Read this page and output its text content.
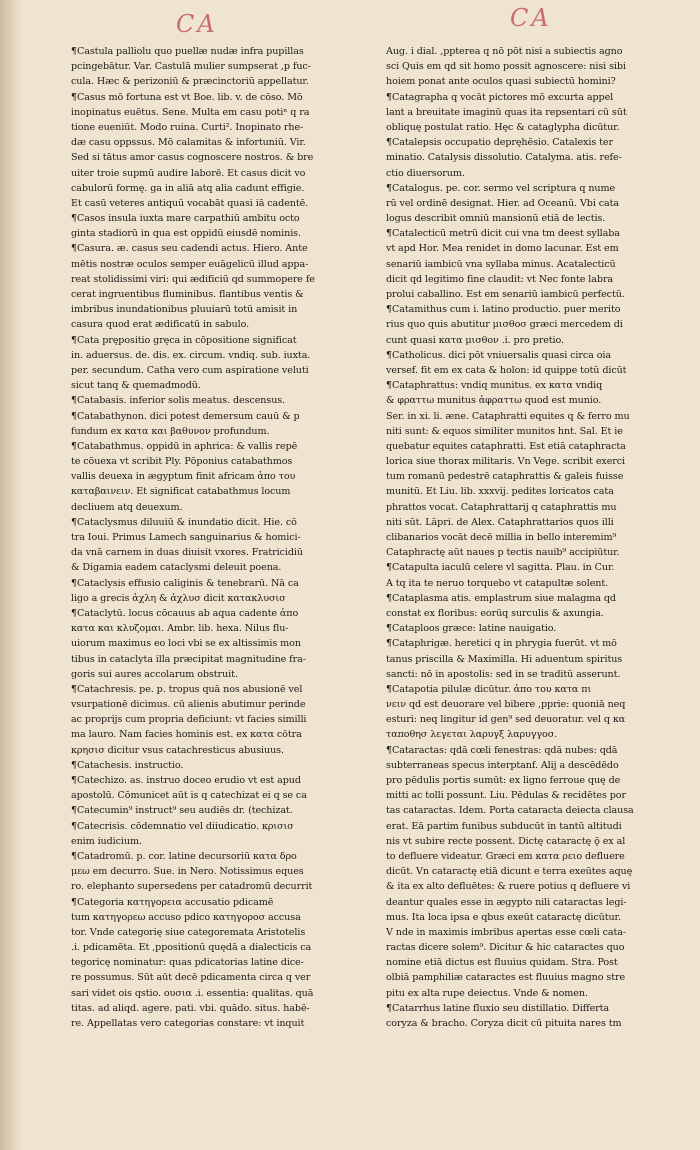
CA	CA
¶Castula palliolu quo puellæ nudæ infra pupillas
pcingebātur. Var. Castulā mulier sumpserat ,p fuc-
cula. Hæc & perizoniū & præcinctoriū appellatur.
¶Casus mō fortuna est vt Boe. lib. v. de cōso. Mō
inopinatus euētus. Sene. Multa em casu potiⁿ q ra
tione eueniūt. Modo ruina. Curti². Inopinato rhe-
dæ casu oppssus. Mō calamitas & infortuniū. Vir.
Sed si tātus amor casus cognoscere nostros. & bre
uiter troie supmū audire laborē. Et casus dicit vo
cabulorū formę. ga in aliā atq alia cadunt effigie.
Et casū veteres antiquū vocabāt quasi iā cadentē.
¶Casos insula iuxta mare carpathiū ambitu octo
ginta stadiorū in qua est oppidū eiusdē nominis.
¶Casura. æ. casus seu cadendi actus. Hiero. Ante
mētis nostræ oculos semper euāgelicū illud appa-
reat stolidissimi viri: qui ædificiū qd summopere fe
cerat ingruentibus fluminibus. flantibus ventis &
imbribus inundationibus pluuiarū totū amisit in
casura quod erat ædificatū in sabulo.
¶Cata prępositio gręca in cōpositione significat
in. aduersus. de. dis. ex. circum. vndiq. sub. iuxta.
per. secundum. Catha vero cum aspiratione veluti
sicut tanq & quemadmodū.
¶Catabasis. inferior solis meatus. descensus.
¶Catabathynon. dici potest demersum cauū & p
fundum ex κατα και βαθυνον profundum.
¶Catabathmus. oppidū in aphrica: & vallis repē
te cōuexa vt scribit Ply. Pōponius catabathmos
vallis deuexa in ægyptum finit africam ἀπο του
καταβαινειν. Et significat catabathmus locum
decliuem atq deuexum.
¶Cataclysmus diluuiū & inundatio dicit. Hie. cō
tra Ioui. Primus Lamech sanguinarius & homici-
da vnā carnem in duas diuisit vxores. Fratricidiū
& Digamia eadem cataclysmi deleuit poena.
¶Cataclysis effusio caliginis & tenebrarū. Nā ca
ligo a grecis ἀχλη & ἀχλυσ dicit κατακλυσισ
¶Cataclytū. locus cōcauus ab aqua cadente ἀπο
κατα και κλυζομαι. Ambr. lib. hexa. Nilus flu-
uiorum maximus eo loci vbi se ex altissimis mon
tibus in cataclyta illa præcipitat magnitudine fra-
goris sui aures accolarum obstruit.
¶Catachresis. pe. p. tropus quā nos abusionē vel
vsurpationē dicimus. cū alienis abutimur perinde
ac proprijs cum propria deficiunt: vt facies similli
ma lauro. Nam facies hominis est. ex κατα cōtra
κρησισ dicitur vsus catachresticus abusiuus.
¶Catachesis. instructio.
¶Catechizo. as. instruo doceo erudio vt est apud
apostolū. Cōmunicet aūt is q catechizat ei q se ca
¶Catecumin⁹ instruct⁹ seu audiēs dr. (techizat.
¶Catecrisis. cōdemnatio vel diiudicatio. κρισισ
enim iudicium.
¶Catadromū. p. cor. latine decursoriū κατα δρο
μεω em decurro. Sue. in Nero. Notissimus eques
ro. elephanto supersedens per catadromū decurrit
¶Categoria κατηγορεια accusatio pdicamē
tum κατηγορεω accuso pdico κατηγοροσ accusa
tor. Vnde categorię siue categoremata Aristotelis
.i. pdicamēta. Et ,ppositionū quędā a dialecticis ca
tegoricę nominatur: quas pdicatorias latine dice-
re possumus. Sūt aūt decē pdicamenta circa q ver
sari videt ois qstio. ουσια .i. essentia: qualitas. quā
titas. ad aliqd. agere. pati. vbi. quādo. situs. habē-
re. Appellatas vero categorias constare: vt inquit
Aug. i dial. ,ppterea q nō pōt nisi a subiectis agno
sci Quis em qd sit homo possit agnoscere: nisi sibi
hoiem ponat ante oculos quasi subiectū homini?
¶Catagrapha q vocāt pictores mō excurta appel
lant a breuitate imaginū quas ita repsentari cū sūt
obliquę postulat ratio. Hęc & cataglypha dicūtur.
¶Catalepsis occupatio depręhēsio. Catalexis ter
minatio. Catalysis dissolutio. Catalyma. atis. refe-
ctio diuersorum.
¶Catalogus. pe. cor. sermo vel scriptura q nume
rū vel ordinē designat. Hier. ad Oceanū. Vbi cata
logus describit omniū mansionū etiā de lectis.
¶Catalecticū metrū dicit cui vna tm deest syllaba
vt apd Hor. Mea renidet in domo lacunar. Est em
senariū iambicū vna syllaba minus. Acatalecticū
dicit qd legitimo fine claudit: vt Nec fonte labra
prolui caballino. Est em senariū iambicū perfectū.
¶Catamithus cum i. latino productio. puer merito
rius quo quis abutitur μισθοσ græci mercedem di
cunt quasi κατα μισθον .i. pro pretio.
¶Catholicus. dici pōt vniuersalis quasi circa oia
versef. fit em ex cata & holon: id quippe totū dicūt
¶Cataphrattus: vndiq munitus. ex κατα vndiq
& φραττω munitus ἀφραττω quod est munio.
Ser. in xi. li. æne. Cataphratti equites q & ferro mu
niti sunt: & equos similiter munitos hnt. Sal. Et ie
quebatur equites cataphratti. Est etiā cataphracta
lorica siue thorax militaris. Vn Vege. scribit exerci
tum romanū pedestrē cataphrattis & galeis fuisse
munitū. Et Liu. lib. xxxvij. pedites loricatos cata
phrattos vocat. Cataphrattarij q cataphrattis mu
niti sūt. Lāpri. de Alex. Cataphrattarios quos illi
clibanarios vocāt decē millia in bello interemim⁹
Cataphractę aūt naues p tectis nauib⁹ accipiūtur.
¶Catapulta iaculū celere vl sagitta. Plau. in Cur.
A tq ita te neruo torquebo vt catapultæ solent.
¶Cataplasma atis. emplastrum siue malagma qd
constat ex floribus: eorūq surculis & axungia.
¶Cataploos græce: latine nauigatio.
¶Cataphrigæ. heretici q in phrygia fuerūt. vt mō
tanus priscilla & Maximilla. Hi aduentum spiritus
sancti: nō in apostolis: sed in se traditū asserunt.
¶Catapotia pilulæ dicūtur. ἀπο του κατα πι
νειν qd est deuorare vel bibere ,pprie: quoniā neq
esturi: neq lingitur id gen⁹ sed deuoratur. vel q κα
ταποθησ λεγεται λαρυγξ λαρυγγοσ.
¶Cataractas: qdā cœli fenestras: qdā nubes: qdā
subterraneas specus interptanf. Alij a descēdēdo
pro pēdulis portis sumūt: ex ligno ferroue quę de
mitti ac tolli possunt. Liu. Pēdulas & recidētes por
tas cataractas. Idem. Porta cataracta deiecta clausa
erat. Eā partim funibus subducūt in tantū altitudi
nis vt subire recte possent. Dictę cataractę ǭ ex al
to defluere videatur. Græci em κατα ρειο defluere
dicūt. Vn cataractę etiā dicunt e terra exeūtes aquę
& ita ex alto defluētes: & ruere potius q defluere vi
deantur quales esse in ægypto nili cataractas legi-
mus. Ita loca ipsa e qbus exeūt cataractę dicūtur.
V nde in maximis imbribus apertas esse cœli cata-
ractas dicere solem⁹. Dicitur & hic cataractes quo
nomine etiā dictus est fluuius quidam. Stra. Post
olbiā pamphiliæ cataractes est fluuius magno stre
pitu ex alta rupe deiectus. Vnde & nomen.
¶Catarrhus latine fluxio seu distillatio. Differta
coryza & bracho. Coryza dicit cū pituita nares tm
